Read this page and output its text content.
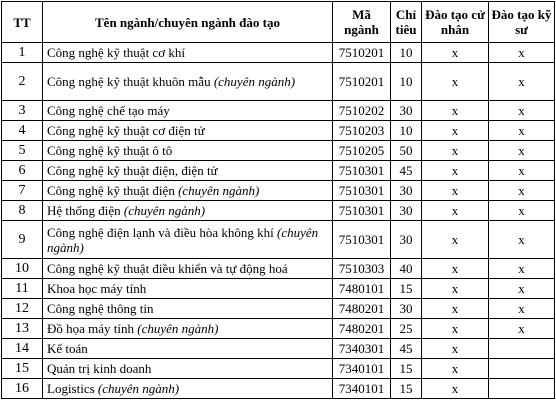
TT	Tên ngành/chuyên ngành đào tạo	Mã ngành	Chỉ tiêu	Đào tạo cử nhân	Đào tạo kỹ sư
1	Công nghệ kỹ thuật cơ khí	7510201	10	x	x
2	Công nghệ kỹ thuật khuôn mẫu (chuyên ngành)	7510201	10	x	x
3	Công nghệ chế tạo máy	7510202	30	x	x
4	Công nghệ kỹ thuật cơ điện tử	7510203	10	x	x
5	Công nghệ kỹ thuật ô tô	7510205	50	x	x
6	Công nghệ kỹ thuật điện, điện tử	7510301	45	x	x
7	Công nghệ kỹ thuật điện (chuyên ngành)	7510301	30	x	x
8	Hệ thống điện (chuyên ngành)	7510301	30	x	x
9	Công nghệ điện lạnh và điều hòa không khí (chuyên ngành)	7510301	30	x	x
10	Công nghệ kỹ thuật điều khiển và tự động hoá	7510303	40	x	x
11	Khoa học máy tính	7480101	15	x	x
12	Công nghệ thông tin	7480201	30	x	x
13	Đồ họa máy tính (chuyên ngành)	7480201	25	x	x
14	Kế toán	7340301	45	x	
15	Quản trị kinh doanh	7340101	15	x	
16	Logistics (chuyên ngành)	7340101	15	x	
